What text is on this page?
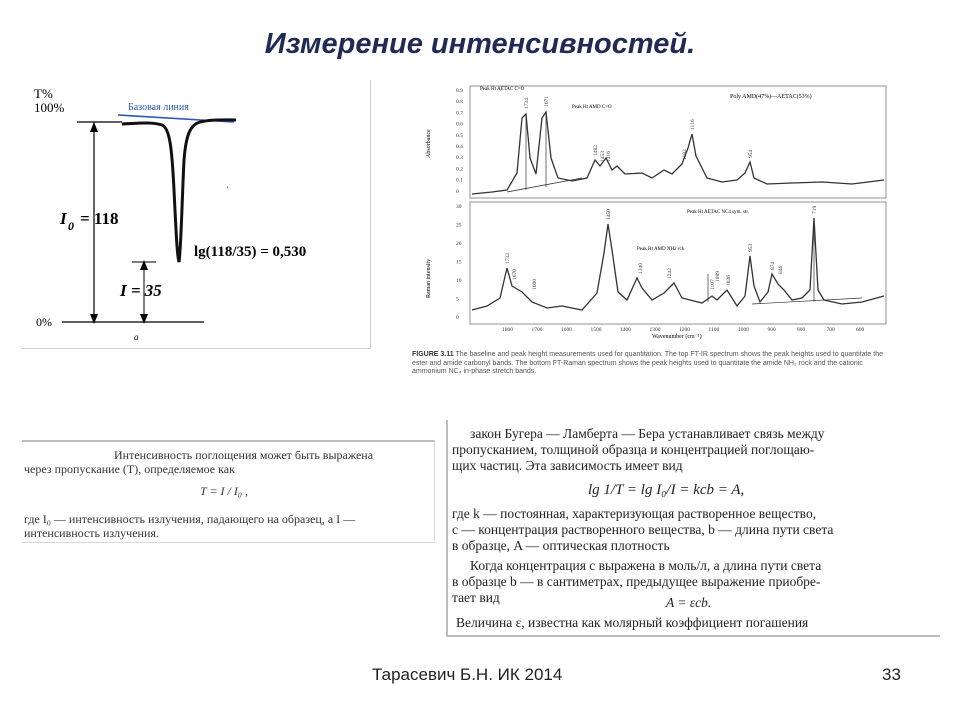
Измерение интенсивностей.
T%
100%
0%
Базовая линия
I 0 = 118
I = 35
lg(118/35) = 0,530
a
'
0.9
0.8
0.7
0.6
0.5
0.4
0.3
0.2
0.1
0
30
25
20
15
10
5
0
1800	1700	1600	1500	1400	1300	1200	1100	1000	900	800	700	600
1734	1671
1482
1453 1416	1182
1116
954
1732
1670
1600
1450
1340	1242
1107
1089 1036
953
874 846
719
Absorbance
Raman intensity
Poly AMD(47%)—AETAC(53%)
Peak Ht AETAC C=O
Peak Ht AMD C=O
Peak Ht AETAC NC4 sym. str.
Peak Ht AMD NH2 rck
Wavenumber (cm⁻¹)
FIGURE 3.11 The baseline and peak height measurements used for quantitation. The top FT-IR spectrum shows the peak heights used to quantitate the ester and amide carbonyl bands. The bottom FT-Raman spectrum shows the peak heights used to quantitate the amide NH₂ rock and the cationic ammonium NC₄ in-phase stretch bands.
Интенсивность поглощения может быть выражена
через пропускание (T), определяемое как
T = I / I₀ ,
где I₀ — интенсивность излучения, падающего на образец, а I —
интенсивность излучения.
закон Бугера — Ламберта — Бера устанавливает связь между
пропусканием, толщиной образца и концентрацией поглощаю-
щих частиц. Эта зависимость имеет вид
lg 1/T = lg I₀/I = kcb = A,
где k — постоянная, характеризующая растворенное вещество,
c — концентрация растворенного вещества, b — длина пути света
в образце, A — оптическая плотность
Когда концентрация c выражена в моль/л, а длина пути света
в образце b — в сантиметрах, предыдущее выражение приобре-
тает вид	A = εcb.
Величина ε, известна как молярный коэффициент погашения
Тарасевич Б.Н. ИК 2014	33
